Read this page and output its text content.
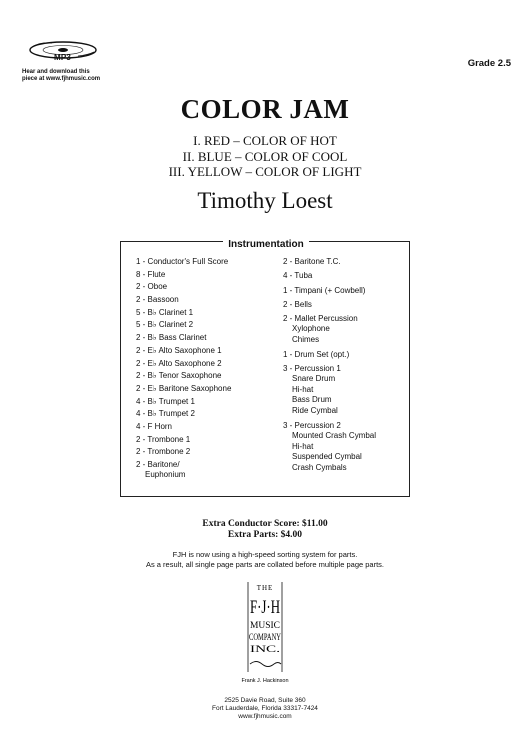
MP3
Hear and download this
piece at www.fjhmusic.com
Grade 2.5
COLOR JAM
I. RED – COLOR OF HOT
II. BLUE – COLOR OF COOL
III. YELLOW – COLOR OF LIGHT
Timothy Loest
Instrumentation
1 - Conductor's Full Score
8 - Flute
2 - Oboe
2 - Bassoon
5 - B♭ Clarinet 1
5 - B♭ Clarinet 2
2 - B♭ Bass Clarinet
2 - E♭ Alto Saxophone 1
2 - E♭ Alto Saxophone 2
2 - B♭ Tenor Saxophone
2 - E♭ Baritone Saxophone
4 - B♭ Trumpet 1
4 - B♭ Trumpet 2
4 - F Horn
2 - Trombone 1
2 - Trombone 2
2 - Baritone/
Euphonium
2 - Baritone T.C.
4 - Tuba
1 - Timpani (+ Cowbell)
2 - Bells
2 - Mallet Percussion
Xylophone
Chimes
1 - Drum Set (opt.)
3 - Percussion 1
Snare Drum
Hi-hat
Bass Drum
Ride Cymbal
3 - Percussion 2
Mounted Crash Cymbal
Hi-hat
Suspended Cymbal
Crash Cymbals
Extra Conductor Score: $11.00
Extra Parts: $4.00
FJH is now using a high-speed sorting system for parts.
As a result, all single page parts are collated before multiple page parts.
THE
F·J·H
MUSIC
COMPANY
INC.
Frank J. Hackinson
2525 Davie Road, Suite 360
Fort Lauderdale, Florida 33317-7424
www.fjhmusic.com
